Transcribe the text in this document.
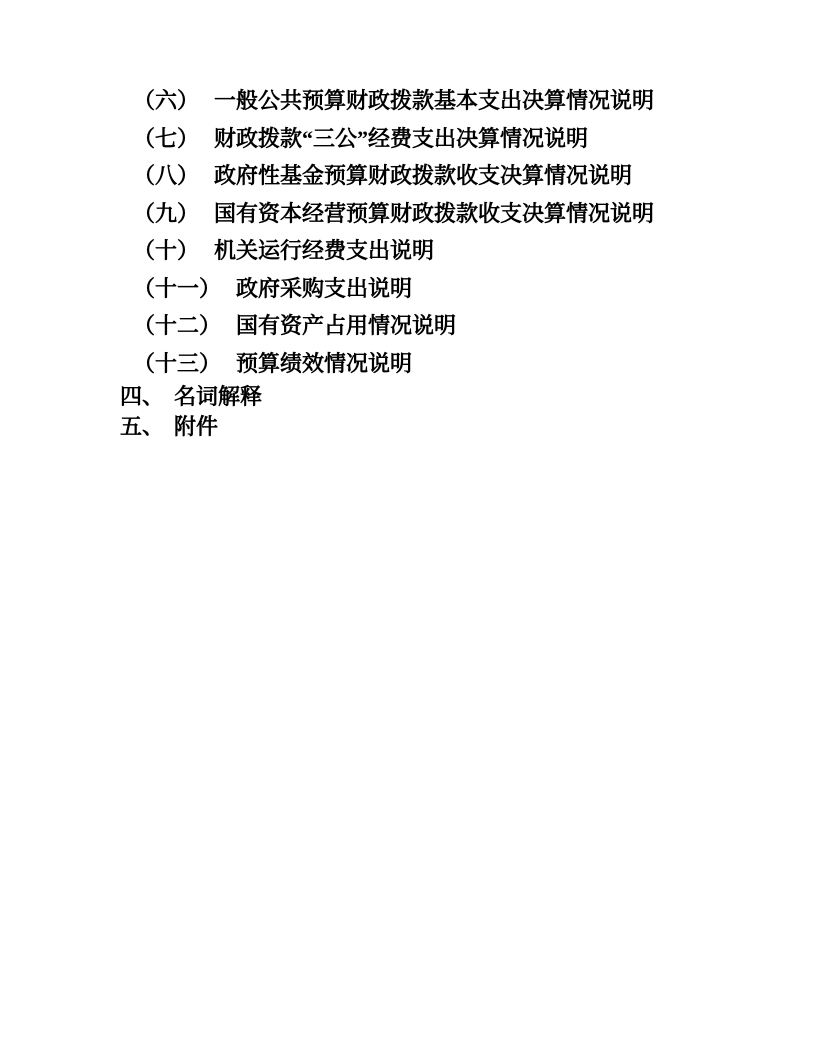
（六） 一般公共预算财政拨款基本支出决算情况说明
（七） 财政拨款“三公”经费支出决算情况说明
（八） 政府性基金预算财政拨款收支决算情况说明
（九） 国有资本经营预算财政拨款收支决算情况说明
（十） 机关运行经费支出说明
（十一） 政府采购支出说明
（十二） 国有资产占用情况说明
（十三） 预算绩效情况说明
四、 名词解释
五、 附件
